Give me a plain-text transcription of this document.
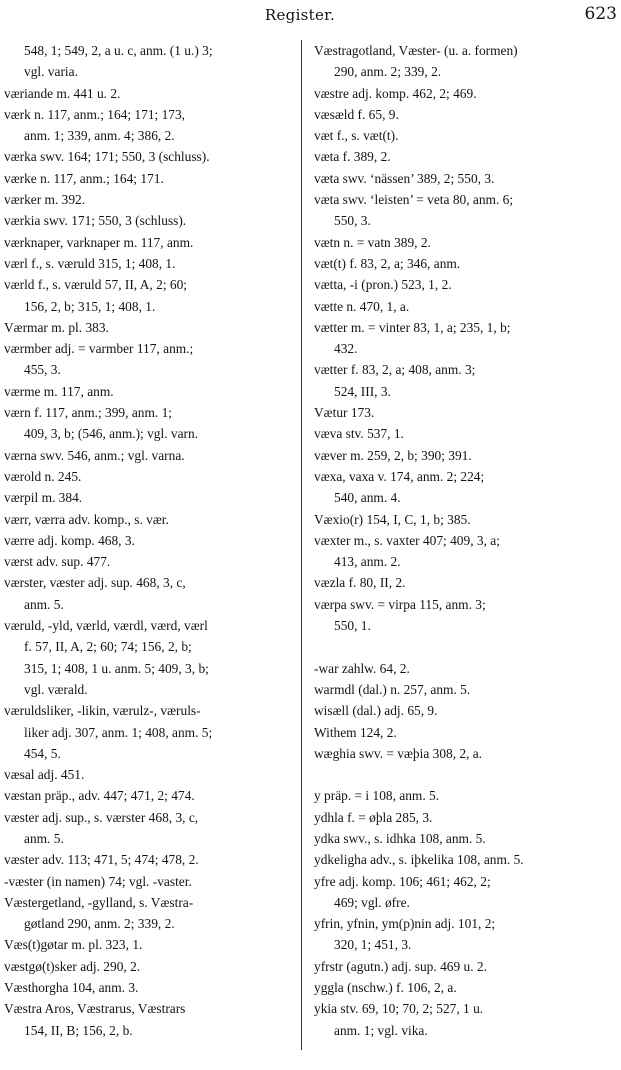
Register.	623
548, 1; 549, 2, a u. c, anm. (1 u.) 3;
vgl. varia.
væriande m. 441 u. 2.
værk n. 117, anm.; 164; 171; 173,
anm. 1; 339, anm. 4; 386, 2.
værka swv. 164; 171; 550, 3 (schluss).
værke n. 117, anm.; 164; 171.
værker m. 392.
værkia swv. 171; 550, 3 (schluss).
værknaper, varknaper m. 117, anm.
værl f., s. væruld 315, 1; 408, 1.
værld f., s. væruld 57, II, A, 2; 60;
156, 2, b; 315, 1; 408, 1.
Værmar m. pl. 383.
værmber adj. = varmber 117, anm.;
455, 3.
værme m. 117, anm.
værn f. 117, anm.; 399, anm. 1;
409, 3, b; (546, anm.); vgl. varn.
værna swv. 546, anm.; vgl. varna.
værold n. 245.
værpil m. 384.
værr, værra adv. komp., s. vær.
værre adj. komp. 468, 3.
værst adv. sup. 477.
værster, væster adj. sup. 468, 3, c,
anm. 5.
væruld, -yld, værld, værdl, værd, værl
f. 57, II, A, 2; 60; 74; 156, 2, b;
315, 1; 408, 1 u. anm. 5; 409, 3, b;
vgl. værald.
væruldsliker, -likin, værulz-, væruls-
liker adj. 307, anm. 1; 408, anm. 5;
454, 5.
væsal adj. 451.
væstan präp., adv. 447; 471, 2; 474.
væster adj. sup., s. værster 468, 3, c,
anm. 5.
væster adv. 113; 471, 5; 474; 478, 2.
-væster (in namen) 74; vgl. -vaster.
Væstergetland, -gylland, s. Væstra-
gøtland 290, anm. 2; 339, 2.
Væs(t)gøtar m. pl. 323, 1.
væstgø(t)sker adj. 290, 2.
Væsthorgha 104, anm. 3.
Væstra Aros, Væstrarus, Væstrars
154, II, B; 156, 2, b.
Væstragotland, Væster- (u. a. formen)
290, anm. 2; 339, 2.
væstre adj. komp. 462, 2; 469.
væsæld f. 65, 9.
væt f., s. væt(t).
væta f. 389, 2.
væta swv. ‘nässen’ 389, 2; 550, 3.
væta swv. ‘leisten’ = veta 80, anm. 6;
550, 3.
vætn n. = vatn 389, 2.
væt(t) f. 83, 2, a; 346, anm.
vætta, -i (pron.) 523, 1, 2.
vætte n. 470, 1, a.
vætter m. = vinter 83, 1, a; 235, 1, b;
432.
vætter f. 83, 2, a; 408, anm. 3;
524, III, 3.
Vætur 173.
væva stv. 537, 1.
væver m. 259, 2, b; 390; 391.
væxa, vaxa v. 174, anm. 2; 224;
540, anm. 4.
Væxio(r) 154, I, C, 1, b; 385.
væxter m., s. vaxter 407; 409, 3, a;
413, anm. 2.
væzla f. 80, II, 2.
værpa swv. = virpa 115, anm. 3;
550, 1.
-war zahlw. 64, 2.
warmdl (dal.) n. 257, anm. 5.
wisæll (dal.) adj. 65, 9.
Withem 124, 2.
wæghia swv. = væþia 308, 2, a.
y präp. = i 108, anm. 5.
ydhla f. = øþla 285, 3.
ydka swv., s. idhka 108, anm. 5.
ydkeligha adv., s. iþkelika 108, anm. 5.
yfre adj. komp. 106; 461; 462, 2;
469; vgl. øfre.
yfrin, yfnin, ym(p)nin adj. 101, 2;
320, 1; 451, 3.
yfrstr (agutn.) adj. sup. 469 u. 2.
yggla (nschw.) f. 106, 2, a.
ykia stv. 69, 10; 70, 2; 527, 1 u.
anm. 1; vgl. vika.
